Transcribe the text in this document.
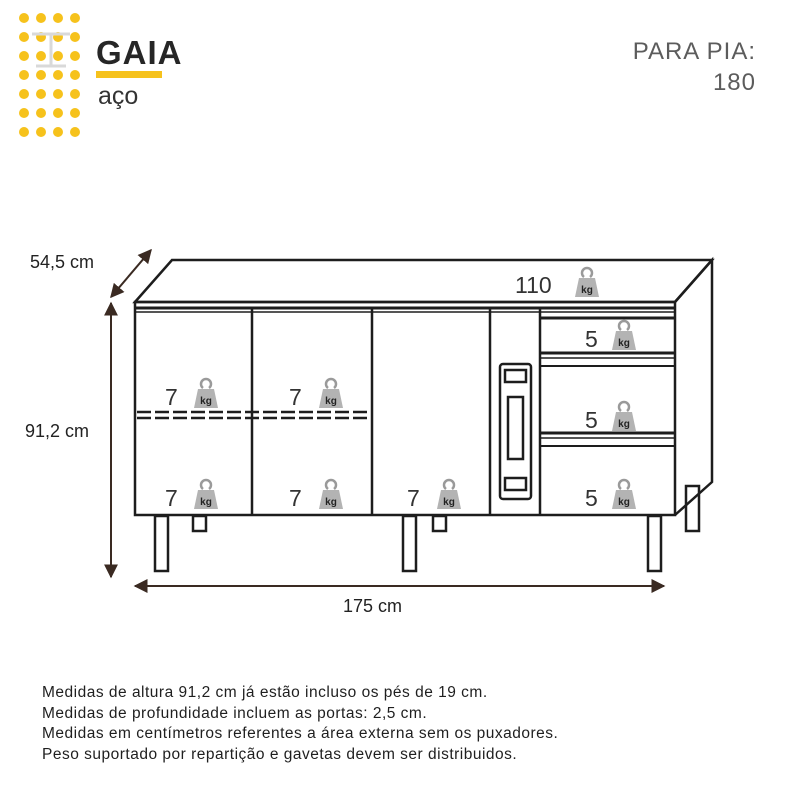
GAIA
aço
PARA PIA:
180
54,5 cm
91,2 cm
175 cm
110	kg
7 kg	7 kg
7 kg	7 kg	7 kg
5 kg
5 kg
5 kg
Medidas de altura 91,2 cm já estão incluso os pés de 19 cm.
Medidas de profundidade incluem as portas: 2,5 cm.
Medidas em centímetros referentes a área externa sem os puxadores.
Peso suportado por repartição e gavetas devem ser distribuidos.
